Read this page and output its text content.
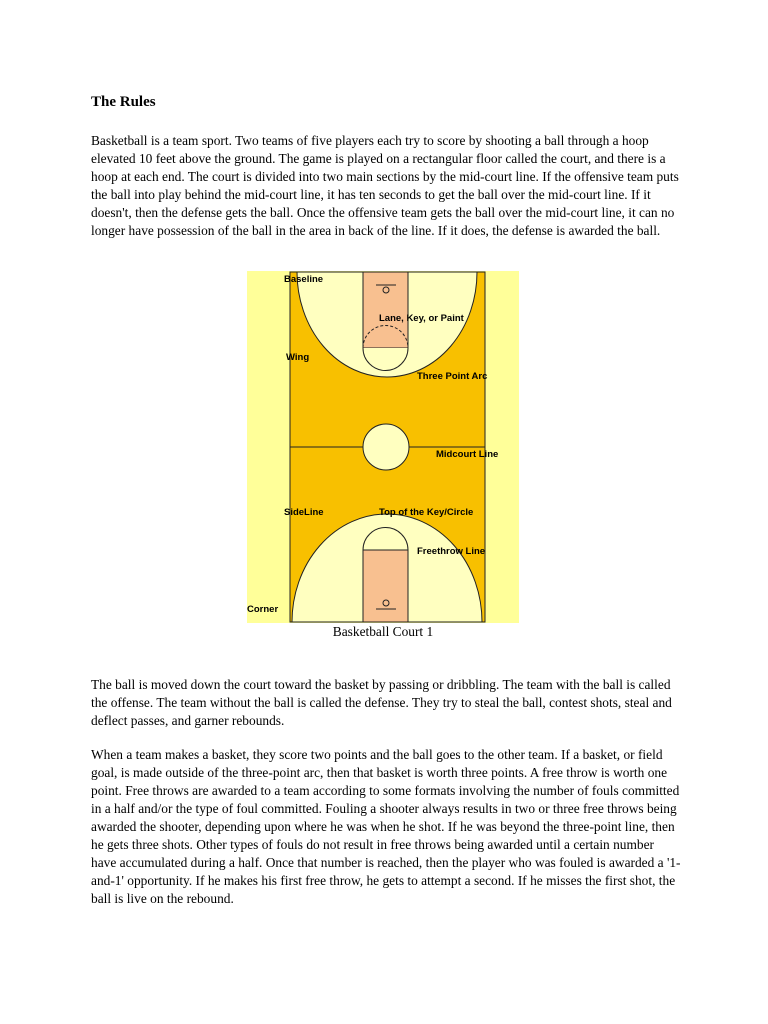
The Rules

Basketball is a team sport. Two teams of five players each try to score by shooting a ball through a hoop elevated 10 feet above the ground. The game is played on a rectangular floor called the court, and there is a hoop at each end. The court is divided into two main sections by the mid-court line. If the offensive team puts the ball into play behind the mid-court line, it has ten seconds to get the ball over the mid-court line. If it doesn't, then the defense gets the ball. Once the offensive team gets the ball over the mid-court line, it can no longer have possession of the ball in the area in back of the line. If it does, the defense is awarded the ball.

Baseline
Lane, Key, or Paint
Wing
Three Point Arc
Midcourt Line
SideLine	Top of the Key/Circle
Freethrow Line
Corner
Basketball Court 1

The ball is moved down the court toward the basket by passing or dribbling. The team with the ball is called the offense. The team without the ball is called the defense. They try to steal the ball, contest shots, steal and deflect passes, and garner rebounds.

When a team makes a basket, they score two points and the ball goes to the other team. If a basket, or field goal, is made outside of the three-point arc, then that basket is worth three points. A free throw is worth one point. Free throws are awarded to a team according to some formats involving the number of fouls committed in a half and/or the type of foul committed. Fouling a shooter always results in two or three free throws being awarded the shooter, depending upon where he was when he shot. If he was beyond the three-point line, then he gets three shots. Other types of fouls do not result in free throws being awarded until a certain number have accumulated during a half. Once that number is reached, then the player who was fouled is awarded a '1-and-1' opportunity. If he makes his first free throw, he gets to attempt a second. If he misses the first shot, the ball is live on the rebound.
